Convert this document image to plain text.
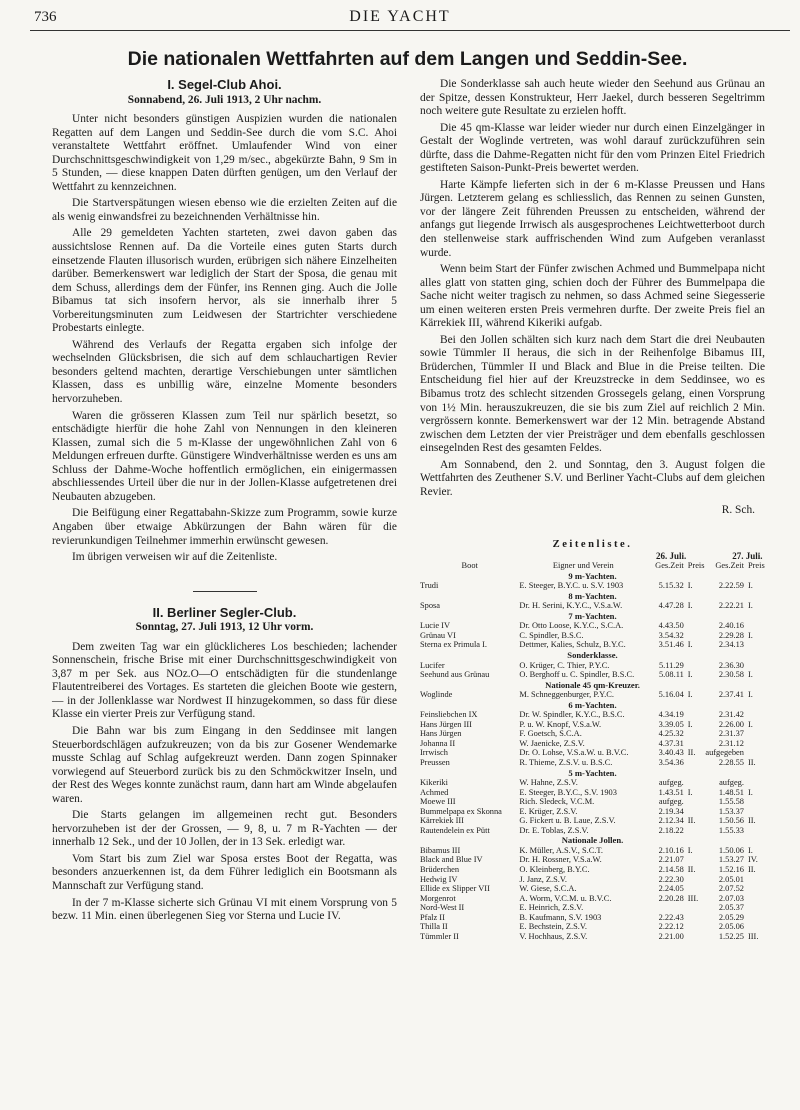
736	DIE YACHT
Die nationalen Wettfahrten auf dem Langen und Seddin-See.
I. Segel-Club Ahoi.
Sonnabend, 26. Juli 1913, 2 Uhr nachm.

Unter nicht besonders günstigen Auspizien wurden die nationalen Regatten auf dem Langen und Seddin-See durch die vom S.C. Ahoi veranstaltete Wettfahrt eröffnet. Umlaufender Wind von einer Durchschnittsgeschwindigkeit von 1,29 m/sec., abgekürzte Bahn, 9 Sm in 5 Stunden, — diese knappen Daten dürften genügen, um den Verlauf der Wettfahrt zu kennzeichnen.

Die Startverspätungen wiesen ebenso wie die erzielten Zeiten auf die als wenig einwandsfrei zu bezeichnenden Verhältnisse hin.

Alle 29 gemeldeten Yachten starteten, zwei davon gaben das aussichtslose Rennen auf. Da die Vorteile eines guten Starts durch einsetzende Flauten illusorisch wurden, erübrigen sich nähere Einzelheiten darüber. Bemerkenswert war lediglich der Start der Sposa, die genau mit dem Schuss, allerdings dem der Fünfer, ins Rennen ging. Auch die Jolle Bibamus tat sich insofern hervor, als sie innerhalb ihrer 5 Vorbereitungsminuten zum Leidwesen der Startrichter verschiedene Probestarts einlegte.

Während des Verlaufs der Regatta ergaben sich infolge der wechselnden Glücksbrisen, die sich auf dem schlauchartigen Revier besonders geltend machten, derartige Verschiebungen unter sämtlichen Klassen, dass es unbillig wäre, einzelne Momente besonders hervorzuheben.

Waren die grösseren Klassen zum Teil nur spärlich besetzt, so entschädigte hierfür die hohe Zahl von Nennungen in den kleineren Klassen, zumal sich die 5 m-Klasse der ungewöhnlichen Zahl von 6 Meldungen erfreuen durfte. Günstigere Windverhältnisse werden es uns am Schluss der Dahme-Woche hoffentlich ermöglichen, ein einigermassen abschliessendes Urteil über die nur in der Jollen-Klasse aufgetretenen drei Neubauten abzugeben.

Die Beifügung einer Regattabahn-Skizze zum Programm, sowie kurze Angaben über etwaige Abkürzungen der Bahn wären für die revierunkundigen Teilnehmer immerhin erwünscht gewesen.

Im übrigen verweisen wir auf die Zeitenliste.

II. Berliner Segler-Club.
Sonntag, 27. Juli 1913, 12 Uhr vorm.

Dem zweiten Tag war ein glücklicheres Los beschieden; lachender Sonnenschein, frische Brise mit einer Durchschnittsgeschwindigkeit von 3,87 m per Sek. aus NOz.O—O entschädigten für die stundenlange Flautentreiberei des Vortages. Es starteten die gleichen Boote wie gestern, — in der Jollenklasse war Nordwest II hinzugekommen, so dass für diese Klasse ein vierter Preis zur Verfügung stand.

Die Bahn war bis zum Eingang in den Seddinsee mit langen Steuerbordschlägen aufzukreuzen; von da bis zur Gosener Wendemarke musste Schlag auf Schlag aufgekreuzt werden. Dann zogen Spinnaker vorwiegend auf Steuerbord zurück bis zu den Schmöckwitzer Inseln, und der Rest des Weges konnte zunächst raum, dann hart am Winde abgelaufen waren.

Die Starts gelangen im allgemeinen recht gut. Besonders hervorzuheben ist der der Grossen, — 9, 8, u. 7 m R-Yachten — der innerhalb 12 Sek., und der 10 Jollen, der in 13 Sek. erledigt war.

Vom Start bis zum Ziel war Sposa erstes Boot der Regatta, was besonders anzuerkennen ist, da dem Führer lediglich ein Bootsmann als Mannschaft zur Verfügung stand.

In der 7 m-Klasse sicherte sich Grünau VI mit einem Vorsprung von 5 bezw. 11 Min. einen überlegenen Sieg vor Sterna und Lucie IV.

Die Sonderklasse sah auch heute wieder den Seehund aus Grünau an der Spitze, dessen Konstrukteur, Herr Jaekel, durch besseren Segeltrimm noch weitere gute Resultate zu erzielen hofft.

Die 45 qm-Klasse war leider wieder nur durch einen Einzelgänger in Gestalt der Woglinde vertreten, was wohl darauf zurückzuführen sein dürfte, dass die Dahme-Regatten nicht für den vom Prinzen Eitel Friedrich gestifteten Saison-Punkt-Preis bewertet werden.

Harte Kämpfe lieferten sich in der 6 m-Klasse Preussen und Hans Jürgen. Letzterem gelang es schliesslich, das Rennen zu seinen Gunsten, vor der längere Zeit führenden Preussen zu entscheiden, während der anfangs gut liegende Irrwisch als ausgesprochenes Leichtwetterboot durch den stellenweise stark auffrischenden Wind zum Aufgeben veranlasst wurde.

Wenn beim Start der Fünfer zwischen Achmed und Bummelpapa nicht alles glatt von statten ging, schien doch der Führer des Bummelpapa die Sache nicht weiter tragisch zu nehmen, so dass Achmed seine Siegesserie um einen weiteren ersten Preis vermehren durfte. Der zweite Preis fiel an Kärrekiek III, während Kikeriki aufgab.

Bei den Jollen schälten sich kurz nach dem Start die drei Neubauten sowie Tümmler II heraus, die sich in der Reihenfolge Bibamus III, Brüderchen, Tümmler II und Black and Blue in die Preise teilten. Die Entscheidung fiel hier auf der Kreuzstrecke in dem Seddinsee, wo es Bibamus trotz des schlecht sitzenden Grossegels gelang, einen Vorsprung von 1½ Min. herauszukreuzen, die sie bis zum Ziel auf reichlich 2 Min. vergrössern konnte. Bemerkenswert war der 12 Min. betragende Abstand zwischen dem Letzten der vier Preisträger und dem ebenfalls geschlossen einsegelnden Rest des gesamten Feldes.

Am Sonnabend, den 2. und Sonntag, den 3. August folgen die Wettfahrten des Zeuthener S.V. und Berliner Yacht-Clubs auf dem gleichen Revier.

R. Sch.
Zeitenliste.
26. Juli.	27. Juli.
Boot	Eigner und Verein	Ges.Zeit	Preis	Ges.Zeit	Preis
9 m-Yachten.					
Trudi	E. Steeger, B.Y.C. u. S.V. 1903	5.15.32	I.	2.22.59	I.
8 m-Yachten.					
Sposa	Dr. H. Serini, K.Y.C., V.S.a.W.	4.47.28	I.	2.22.21	I.
7 m-Yachten.					
Lucie IV	Dr. Otto Loose, K.Y.C., S.C.A.	4.43.50		2.40.16	
Grünau VI	C. Spindler, B.S.C.	3.54.32		2.29.28	I.
Sterna ex Primula I.	Dettmer, Kalies, Schulz, B.Y.C.	3.51.46	I.	2.34.13	
Sonderklasse.					
Lucifer	O. Krüger, C. Thier, P.Y.C.	5.11.29		2.36.30	
Seehund aus Grünau	O. Berghoff u. C. Spindler, B.S.C.	5.08.11	I.	2.30.58	I.
Nationale 45 qm-Kreuzer.					
Woglinde	M. Schneggenburger, P.Y.C.	5.16.04	I.	2.37.41	I.
6 m-Yachten.					
Feinsliebchen IX	Dr. W. Spindler, K.Y.C., B.S.C.	4.34.19		2.31.42	
Hans Jürgen III	P. u. W. Knopf, V.S.a.W.	3.39.05	I.	2.26.00	I.
Hans Jürgen	F. Goetsch, S.C.A.	4.25.32		2.31.37	
Johanna II	W. Jaenicke, Z.S.V.	4.37.31		2.31.12	
Irrwisch	Dr. O. Lohse, V.S.a.W. u. B.V.C.	3.40.43	II.	aufgegeben	
Preussen	R. Thieme, Z.S.V. u. B.S.C.	3.54.36		2.28.55	II.
5 m-Yachten.					
Kikeriki	W. Hahne, Z.S.V.	aufgeg.		aufgeg.	
Achmed	E. Steeger, B.Y.C., S.V. 1903	1.43.51	I.	1.48.51	I.
Moewe III	Rich. Sledeck, V.C.M.	aufgeg.		1.55.58	
Bummelpapa ex Skonna	E. Krüger, Z.S.V.	2.19.34		1.53.37	
Kärrekiek III	G. Fickert u. B. Laue, Z.S.V.	2.12.34	II.	1.50.56	II.
Rautendelein ex Pütt	Dr. E. Toblas, Z.S.V.	2.18.22		1.55.33	
Nationale Jollen.					
Bibamus III	K. Müller, A.S.V., S.C.T.	2.10.16	I.	1.50.06	I.
Black and Blue IV	Dr. H. Rossner, V.S.a.W.	2.21.07		1.53.27	IV.
Brüderchen	O. Kleinberg, B.Y.C.	2.14.58	II.	1.52.16	II.
Hedwig IV	J. Janz, Z.S.V.	2.22.30		2.05.01	
Ellide ex Slipper VII	W. Giese, S.C.A.	2.24.05		2.07.52	
Morgenrot	A. Worm, V.C.M. u. B.V.C.	2.20.28	III.	2.07.03	
Nord-West II	E. Heinrich, Z.S.V.			2.05.37	
Pfalz II	B. Kaufmann, S.V. 1903	2.22.43		2.05.29	
Thilla II	E. Bechstein, Z.S.V.	2.22.12		2.05.06	
Tümmler II	V. Hochhaus, Z.S.V.	2.21.00		1.52.25	III.
